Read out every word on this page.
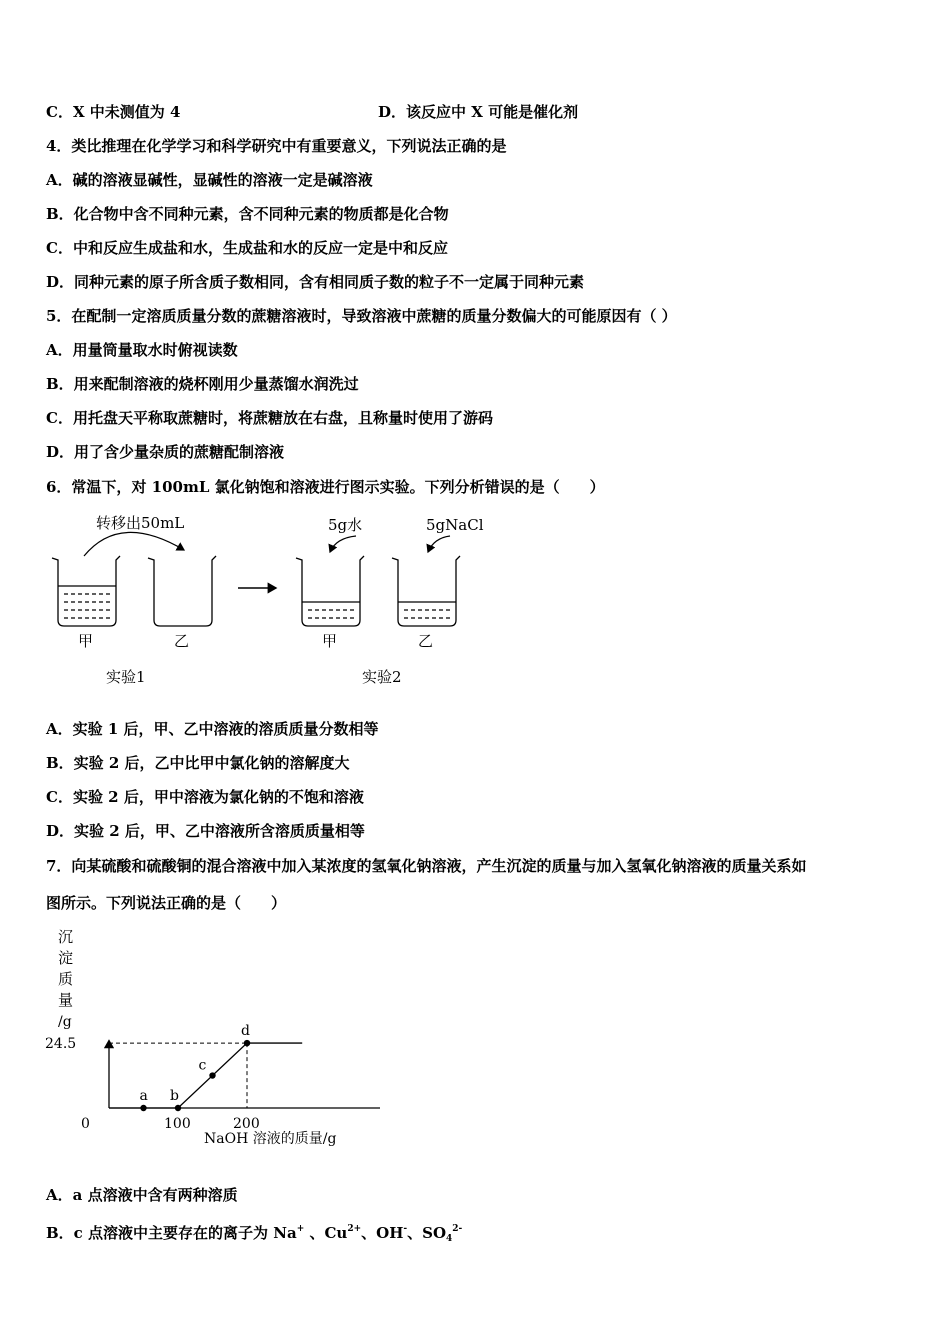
C．X 中未测值为 4	D．该反应中 X 可能是催化剂
4．类比推理在化学学习和科学研究中有重要意义，下列说法正确的是
A．碱的溶液显碱性，显碱性的溶液一定是碱溶液
B．化合物中含不同种元素，含不同种元素的物质都是化合物
C．中和反应生成盐和水，生成盐和水的反应一定是中和反应
D．同种元素的原子所含质子数相同，含有相同质子数的粒子不一定属于同种元素
5．在配制一定溶质质量分数的蔗糖溶液时，导致溶液中蔗糖的质量分数偏大的可能原因有（ ）
A．用量筒量取水时俯视读数
B．用来配制溶液的烧杯刚用少量蒸馏水润洗过
C．用托盘天平称取蔗糖时，将蔗糖放在右盘，且称量时使用了游码
D．用了含少量杂质的蔗糖配制溶液
6．常温下，对 100mL 氯化钠饱和溶液进行图示实验。下列分析错误的是（　　）
转移出50mL
甲	乙
实验1
5g水	5gNaCl
甲	乙
实验2
A．实验 1 后，甲、乙中溶液的溶质质量分数相等
B．实验 2 后，乙中比甲中氯化钠的溶解度大
C．实验 2 后，甲中溶液为氯化钠的不饱和溶液
D．实验 2 后，甲、乙中溶液所含溶质质量相等
7．向某硫酸和硫酸铜的混合溶液中加入某浓度的氢氧化钠溶液，产生沉淀的质量与加入氢氧化钠溶液的质量关系如
图所示。下列说法正确的是（　　）
沉
淀
质
量
/g
0	100	200
24.5
a b
c
d
NaOH 溶液的质量/g
A．a 点溶液中含有两种溶质
B．c 点溶液中主要存在的离子为 Na+ 、$Cu^{2+}$、OH-、$SO_4^{2-}$
